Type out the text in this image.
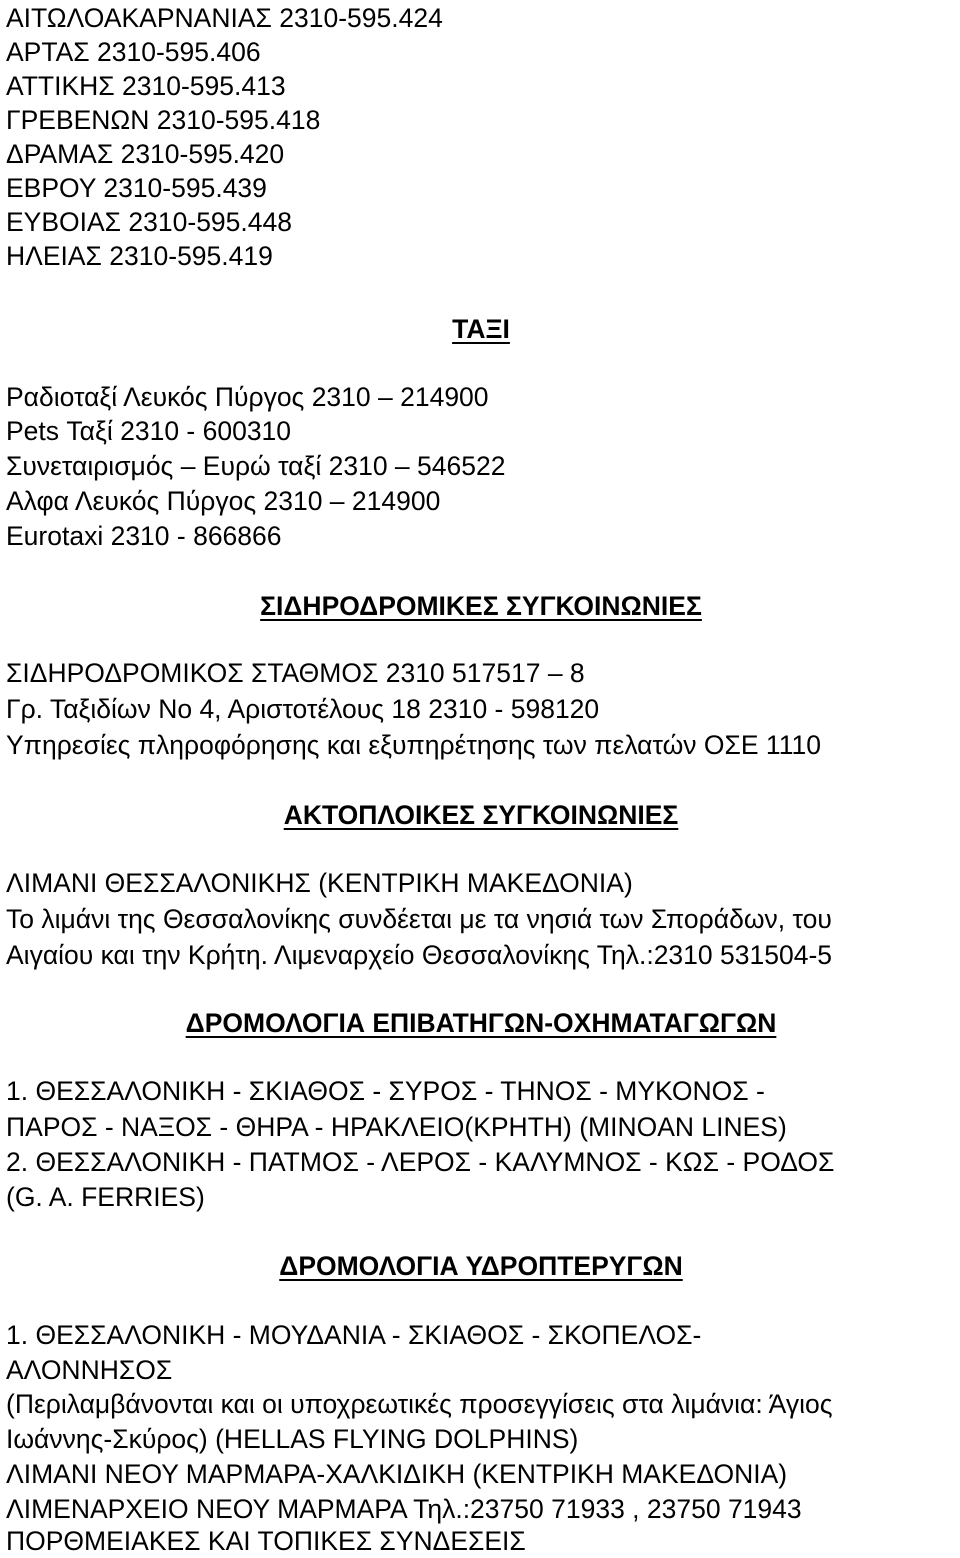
ΑΙΤΩΛΟΑΚΑΡΝΑΝΙΑΣ 2310-595.424
ΑΡΤΑΣ 2310-595.406
ΑΤΤΙΚΗΣ 2310-595.413
ΓΡΕΒΕΝΩΝ 2310-595.418
ΔΡΑΜΑΣ 2310-595.420
ΕΒΡΟΥ 2310-595.439
ΕΥΒΟΙΑΣ 2310-595.448
ΗΛΕΙΑΣ 2310-595.419
ΤΑΞΙ
Ραδιοταξί Λευκός Πύργος 2310 – 214900
Pets Ταξί 2310 - 600310
Συνεταιρισμός – Ευρώ ταξί 2310 – 546522
Αλφα Λευκός Πύργος 2310 – 214900
Eurotaxi 2310 - 866866
ΣΙΔΗΡΟΔΡΟΜΙΚΕΣ ΣΥΓΚΟΙΝΩΝΙΕΣ
ΣΙΔΗΡΟΔΡΟΜΙΚΟΣ ΣΤΑΘΜΟΣ 2310 517517 – 8
Γρ. Ταξιδίων Νο 4, Αριστοτέλους 18 2310 - 598120
Υπηρεσίες πληροφόρησης και εξυπηρέτησης των πελατών ΟΣΕ 1110
ΑΚΤΟΠΛΟΙΚΕΣ ΣΥΓΚΟΙΝΩΝΙΕΣ
ΛΙΜΑΝΙ ΘΕΣΣΑΛΟΝΙΚΗΣ (ΚΕΝΤΡΙΚΗ ΜΑΚΕΔΟΝΙΑ)
Το λιμάνι της Θεσσαλονίκης συνδέεται με τα νησιά των Σποράδων, του
Αιγαίου και την Κρήτη. Λιμεναρχείο Θεσσαλονίκης Τηλ.:2310 531504-5
ΔΡΟΜΟΛΟΓΙΑ ΕΠΙΒΑΤΗΓΩΝ-ΟΧΗΜΑΤΑΓΩΓΩΝ
1. ΘΕΣΣΑΛΟΝΙΚΗ - ΣΚΙΑΘΟΣ - ΣΥΡΟΣ - ΤΗΝΟΣ - ΜΥΚΟΝΟΣ -
ΠΑΡΟΣ - ΝΑΞΟΣ - ΘΗΡΑ - ΗΡΑΚΛΕΙΟ(ΚΡΗΤΗ) (MINOAN LINES)
2. ΘΕΣΣΑΛΟΝΙΚΗ - ΠΑΤΜΟΣ - ΛΕΡΟΣ - ΚΑΛΥΜΝΟΣ - ΚΩΣ - ΡΟΔΟΣ
(G. A. FERRIES)
ΔΡΟΜΟΛΟΓΙΑ ΥΔΡΟΠΤΕΡΥΓΩΝ
1. ΘΕΣΣΑΛΟΝΙΚΗ - ΜΟΥΔΑΝΙΑ - ΣΚΙΑΘΟΣ - ΣΚΟΠΕΛΟΣ-
ΑΛΟΝΝΗΣΟΣ
(Περιλαμβάνονται και οι υποχρεωτικές προσεγγίσεις στα λιμάνια: Άγιος
Ιωάννης-Σκύρος) (HELLAS FLYING DOLPHINS)
ΛΙΜΑΝΙ ΝΕΟΥ ΜΑΡΜΑΡΑ-ΧΑΛΚΙΔΙΚΗ (ΚΕΝΤΡΙΚΗ ΜΑΚΕΔΟΝΙΑ)
ΛΙΜΕΝΑΡΧΕΙΟ ΝΕΟΥ ΜΑΡΜΑΡΑ Τηλ.:23750 71933 , 23750 71943
ΠΟΡΘΜΕΙΑΚΕΣ ΚΑΙ ΤΟΠΙΚΕΣ ΣΥΝΔΕΣΕΙΣ
